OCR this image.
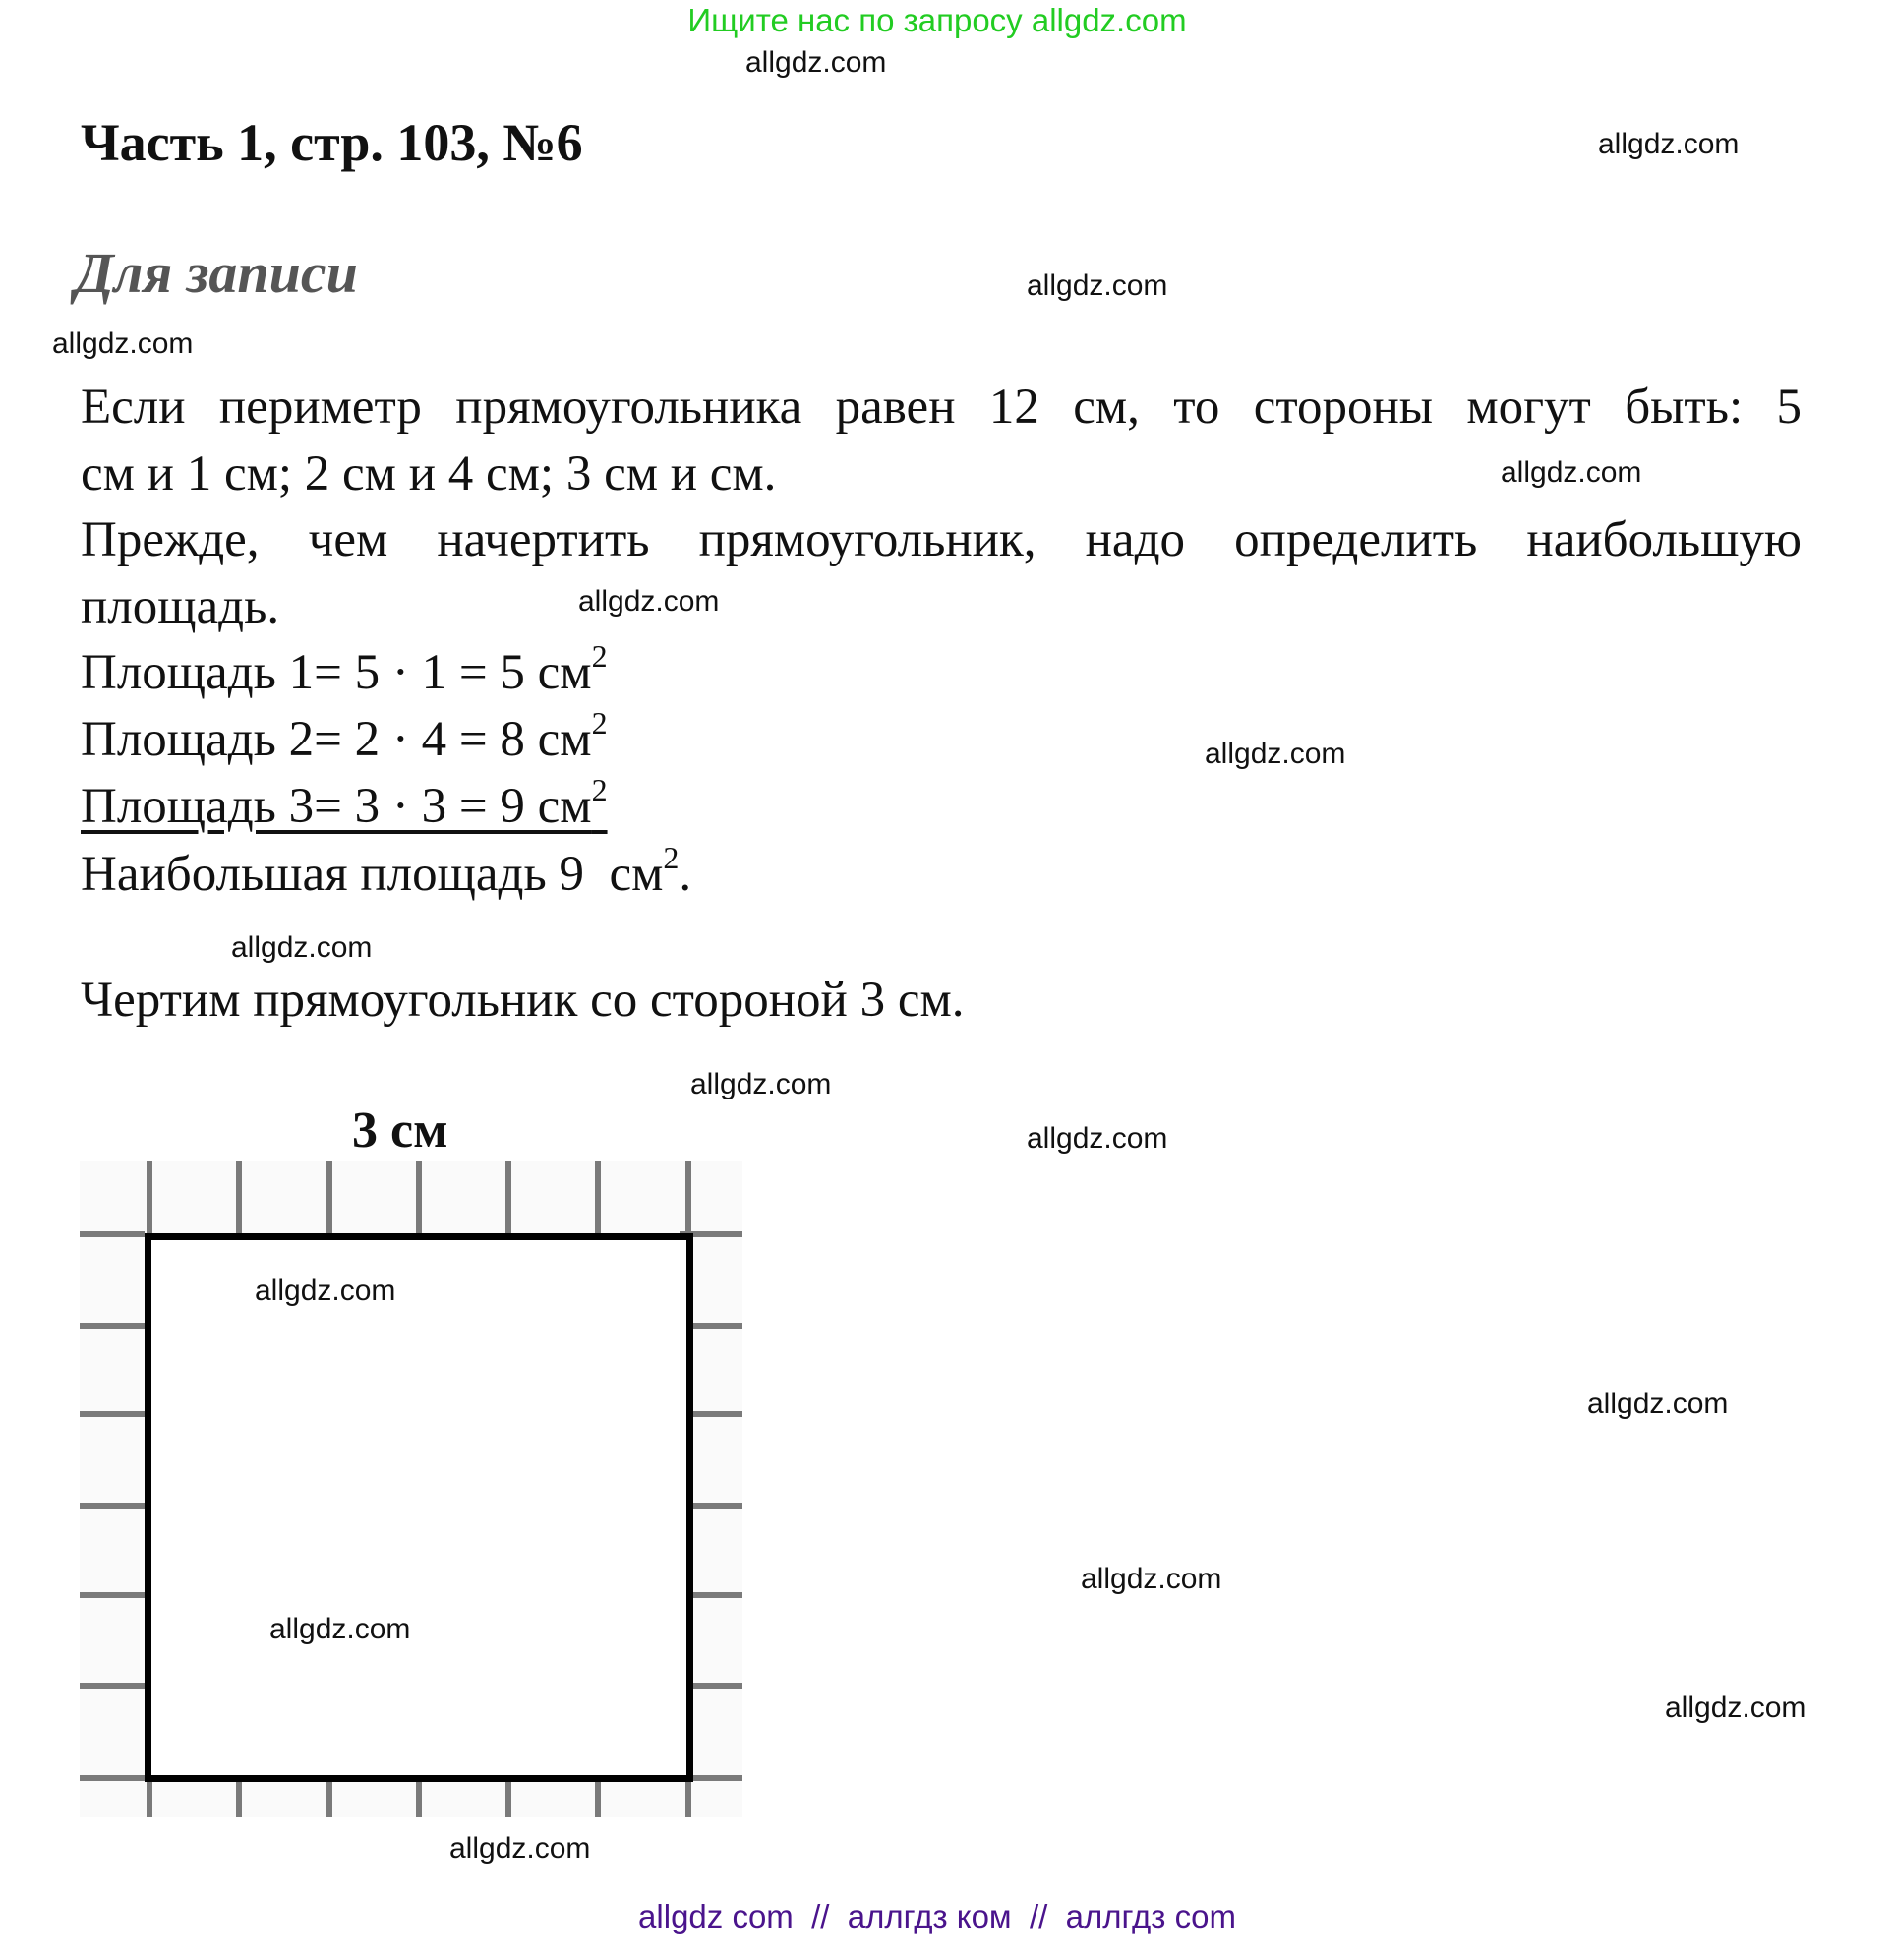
Ищите нас по запросу allgdz.com
Часть 1, стр. 103, №6
Для записи
Если периметр прямоугольника равен 12 см, то стороны могут быть: 5
см и 1 см; 2 см и 4 см; 3 см и см.
Прежде, чем начертить прямоугольник, надо определить наибольшую
площадь.
Площадь 1= 5 · 1 = 5 $см^2$
Площадь 2= 2 · 4 = 8 $см^2$
Площадь 3= 3 · 3 = 9 $см^2$
Наибольшая площадь 9  $см^2$.
Чертим прямоугольник со стороной 3 см.
3 см
allgdz.com
allgdz.com
allgdz.com
allgdz.com
allgdz.com
allgdz.com
allgdz.com
allgdz.com
allgdz.com
allgdz.com
allgdz.com
allgdz.com
allgdz.com
allgdz.com
allgdz.com
allgdz.com
allgdz com  //  аллгдз ком  //  аллгдз com
